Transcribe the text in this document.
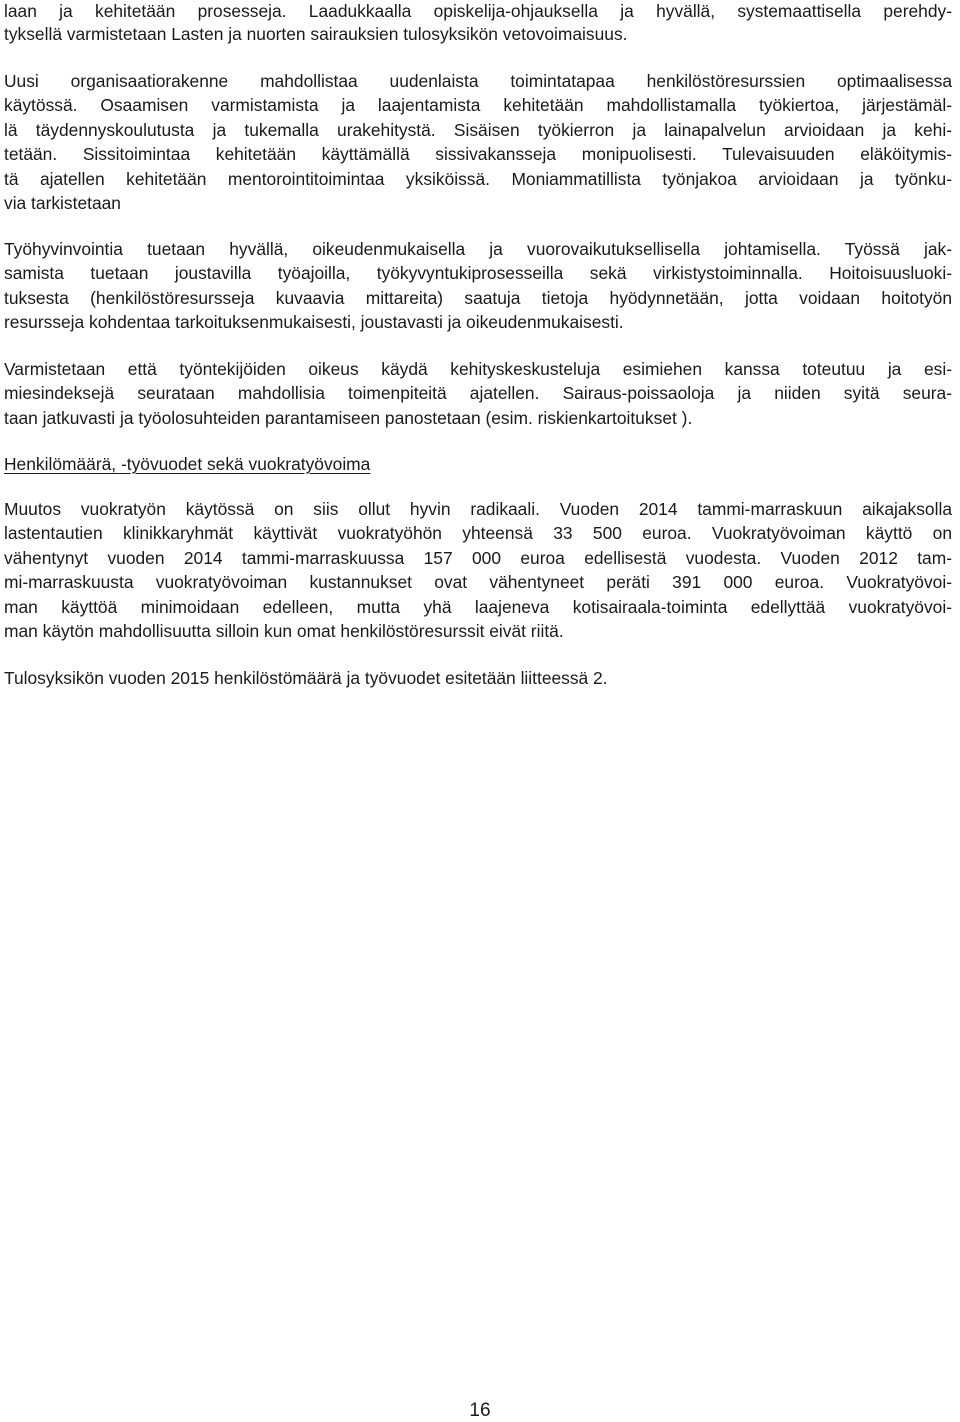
laan ja kehitetään prosesseja. Laadukkaalla opiskelija-ohjauksella ja hyvällä, systemaattisella perehdy-
tyksellä varmistetaan Lasten ja nuorten sairauksien tulosyksikön vetovoimaisuus.
Uusi organisaatiorakenne mahdollistaa uudenlaista toimintatapaa henkilöstöresurssien optimaalisessa
käytössä. Osaamisen varmistamista ja laajentamista kehitetään mahdollistamalla työkiertoa, järjestämäl-
lä täydennyskoulutusta ja tukemalla urakehitystä. Sisäisen työkierron ja lainapalvelun arvioidaan ja kehi-
tetään. Sissitoimintaa kehitetään käyttämällä sissivakansseja monipuolisesti. Tulevaisuuden eläköitymis-
tä ajatellen kehitetään mentorointitoimintaa yksiköissä. Moniammatillista työnjakoa arvioidaan ja työnku-
via tarkistetaan
Työhyvinvointia tuetaan hyvällä, oikeudenmukaisella ja vuorovaikutuksellisella johtamisella. Työssä jak-
samista tuetaan joustavilla työajoilla, työkyvyntukiprosesseilla sekä virkistystoiminnalla. Hoitoisuusluoki-
tuksesta (henkilöstöresursseja kuvaavia mittareita) saatuja tietoja hyödynnetään, jotta voidaan hoitotyön
resursseja kohdentaa tarkoituksenmukaisesti, joustavasti ja oikeudenmukaisesti.
Varmistetaan että työntekijöiden oikeus käydä kehityskeskusteluja esimiehen kanssa toteutuu ja esi-
miesindeksejä seurataan mahdollisia toimenpiteitä ajatellen. Sairaus-poissaoloja ja niiden syitä seura-
taan jatkuvasti ja työolosuhteiden parantamiseen panostetaan (esim. riskienkartoitukset ).
Henkilömäärä, -työvuodet sekä vuokratyövoima
Muutos vuokratyön käytössä on siis ollut hyvin radikaali. Vuoden 2014 tammi-marraskuun aikajaksolla
lastentautien klinikkaryhmät käyttivät vuokratyöhön yhteensä 33 500 euroa. Vuokratyövoiman käyttö on
vähentynyt vuoden 2014 tammi-marraskuussa 157 000 euroa edellisestä vuodesta. Vuoden 2012 tam-
mi-marraskuusta vuokratyövoiman kustannukset ovat vähentyneet peräti 391 000 euroa. Vuokratyövoi-
man käyttöä minimoidaan edelleen, mutta yhä laajeneva kotisairaala-toiminta edellyttää vuokratyövoi-
man käytön mahdollisuutta silloin kun omat henkilöstöresurssit eivät riitä.
Tulosyksikön vuoden 2015 henkilöstömäärä ja työvuodet esitetään liitteessä 2.
16
